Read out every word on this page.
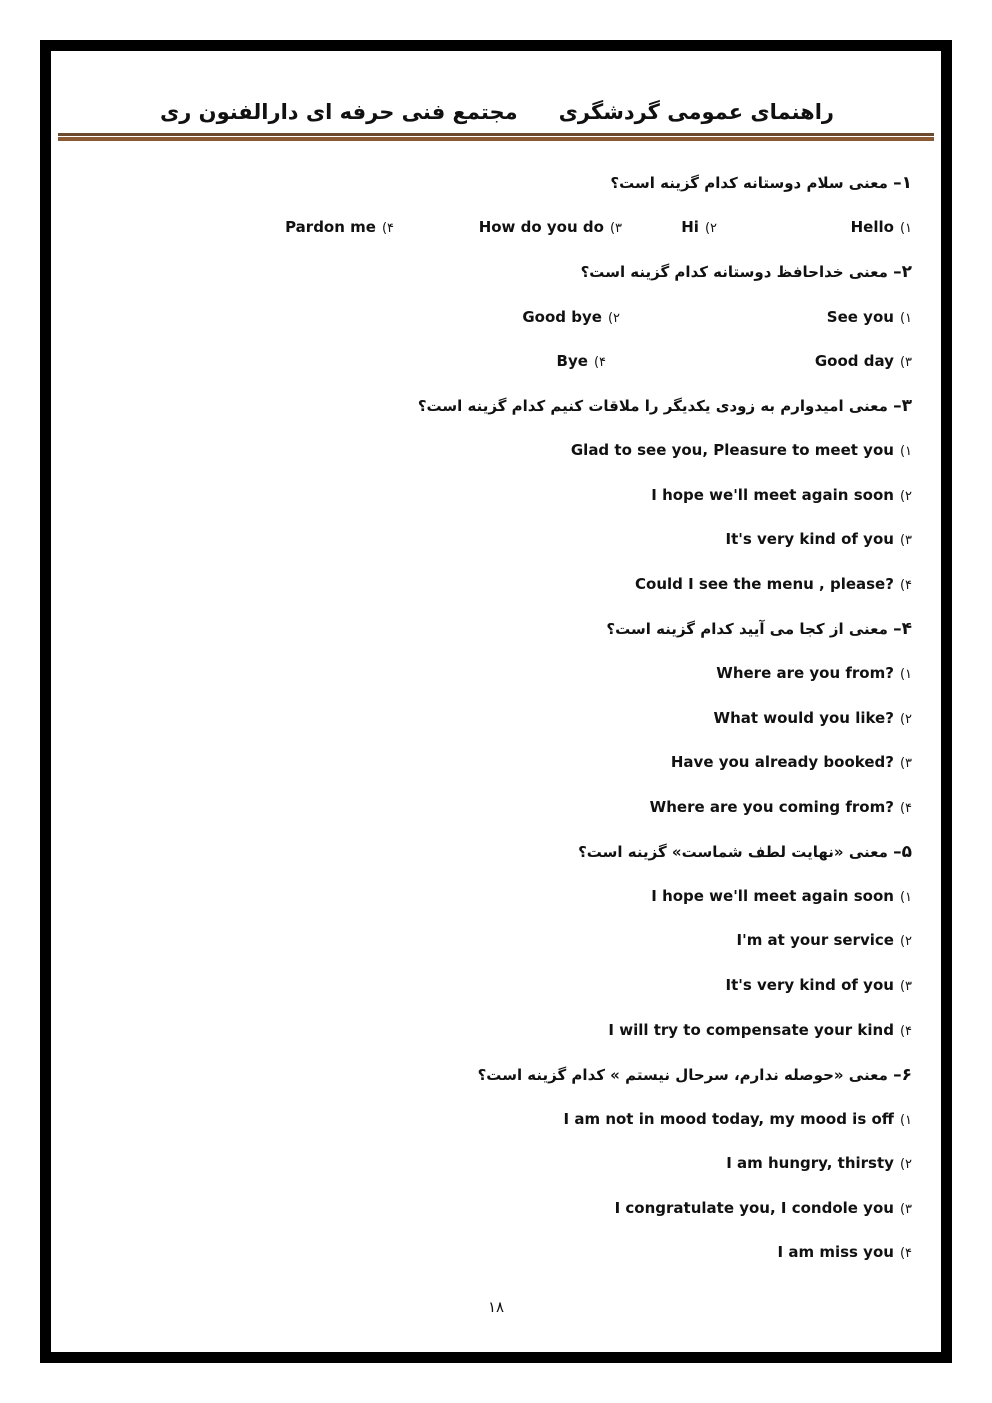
راهنمای عمومی گردشگری
مجتمع فنی حرفه ای دارالفنون ری
۱– معنی سلام دوستانه کدام گزینه است؟
Hello (۱
Hi (۲
How do you do (۳
Pardon me (۴
۲– معنی خداحافظ دوستانه کدام گزینه است؟
See you (۱
Good bye (۲
Good day (۳
Bye (۴
۳– معنی امیدوارم به زودی یکدیگر را ملاقات کنیم کدام گزینه است؟
Glad to see you, Pleasure to meet you (۱
I hope we'll meet again soon (۲
It's very kind of you (۳
Could I see the menu , please? (۴
۴– معنی از کجا می آیید کدام گزینه است؟
Where are you from? (۱
What would you like? (۲
Have you already booked? (۳
Where are you coming from? (۴
۵– معنی «نهایت لطف شماست» گزینه است؟
I hope we'll meet again soon (۱
I'm at your service (۲
It's very kind of you (۳
I will try to compensate your kind (۴
۶– معنی «حوصله ندارم، سرحال نیستم » کدام گزینه است؟
I am not in mood today, my mood is off (۱
I am hungry, thirsty (۲
I congratulate you, I condole you (۳
I am miss you (۴
۱۸
